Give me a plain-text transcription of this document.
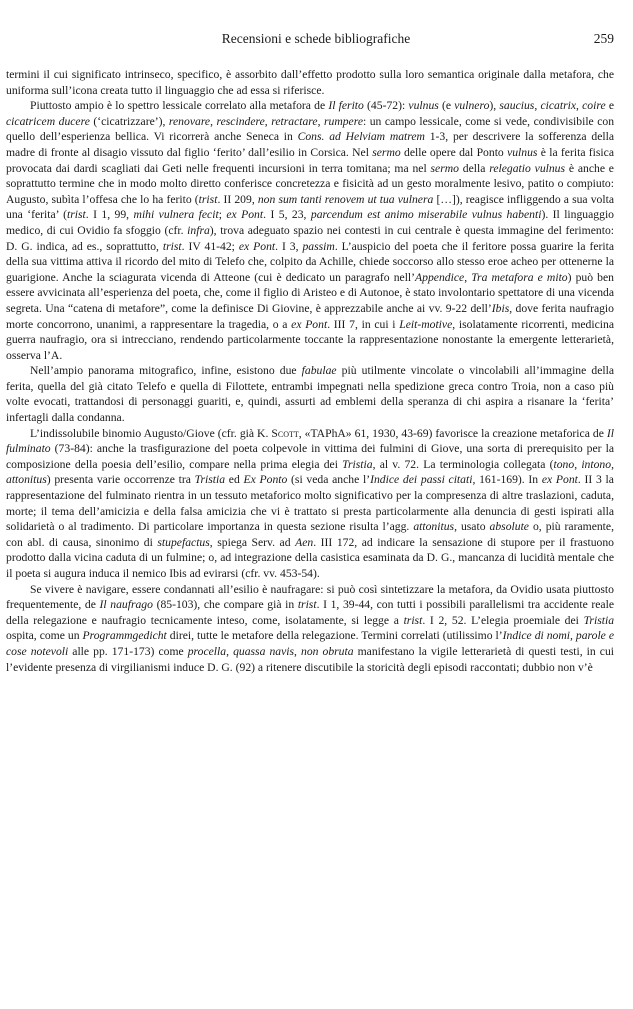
Recensioni e schede bibliografiche	259

termini il cui significato intrinseco, specifico, è assorbito dall’effetto prodotto sulla loro semantica originale dalla metafora, che uniforma sull’icona creata tutto il linguaggio che ad essa si riferisce.

Piuttosto ampio è lo spettro lessicale correlato alla metafora de Il ferito (45-72): vulnus (e vulnero), saucius, cicatrix, coire e cicatricem ducere (‘cicatrizzare’), renovare, rescindere, retractare, rumpere: un campo lessicale, come si vede, condivisibile con quello dell’esperienza bellica. Vi ricorrerà anche Seneca in Cons. ad Helviam matrem 1-3, per descrivere la sofferenza della madre di fronte al disagio vissuto dal figlio ‘ferito’ dall’esilio in Corsica. Nel sermo delle opere dal Ponto vulnus è la ferita fisica provocata dai dardi scagliati dai Geti nelle frequenti incursioni in terra tomitana; ma nel sermo della relegatio vulnus è anche e soprattutto termine che in modo molto diretto conferisce concretezza e fisicità ad un gesto moralmente lesivo, patito o compiuto: Augusto, subìta l’offesa che lo ha ferito (trist. II 209, non sum tanti renovem ut tua vulnera […]), reagisce infliggendo a sua volta una ‘ferita’ (trist. I 1, 99, mihi vulnera fecit; ex Pont. I 5, 23, parcendum est animo miserabile vulnus habenti). Il linguaggio medico, di cui Ovidio fa sfoggio (cfr. infra), trova adeguato spazio nei contesti in cui centrale è questa immagine del ferimento: D. G. indica, ad es., soprattutto, trist. IV 41-42; ex Pont. I 3, passim. L’auspicio del poeta che il feritore possa guarire la ferita della sua vittima attiva il ricordo del mito di Telefo che, colpito da Achille, chiede soccorso allo stesso eroe acheo per ottenerne la guarigione. Anche la sciagurata vicenda di Atteone (cui è dedicato un paragrafo nell’Appendice, Tra metafora e mito) può ben essere avvicinata all’esperienza del poeta, che, come il figlio di Aristeo e di Autonoe, è stato involontario spettatore di una vicenda segreta. Una “catena di metafore”, come la definisce Di Giovine, è apprezzabile anche ai vv. 9-22 dell’Ibis, dove ferita naufragio morte concorrono, unanimi, a rappresentare la tragedia, o a ex Pont. III 7, in cui i Leit-motive, isolatamente ricorrenti, medicina guerra naufragio, ora si intrecciano, rendendo particolarmente toccante la rappresentazione nonostante la emergente letterarietà, osserva l’A.

Nell’ampio panorama mitografico, infine, esistono due fabulae più utilmente vincolate o vincolabili all’immagine della ferita, quella del già citato Telefo e quella di Filottete, entrambi impegnati nella spedizione greca contro Troia, non a caso più volte evocati, trattandosi di personaggi guariti, e, quindi, assurti ad emblemi della speranza di chi aspira a risanare la ‘ferita’ infertagli dalla condanna.

L’indissolubile binomio Augusto/Giove (cfr. già K. Scott, «TAPhA» 61, 1930, 43-69) favorisce la creazione metaforica de Il fulminato (73-84): anche la trasfigurazione del poeta colpevole in vittima dei fulmini di Giove, una sorta di prerequisito per la composizione della poesia dell’esilio, compare nella prima elegia dei Tristia, al v. 72. La terminologia collegata (tono, intono, attonitus) presenta varie occorrenze tra Tristia ed Ex Ponto (si veda anche l’Indice dei passi citati, 161-169). In ex Pont. II 3 la rappresentazione del fulminato rientra in un tessuto metaforico molto significativo per la compresenza di altre traslazioni, caduta, morte; il tema dell’amicizia e della falsa amicizia che vi è trattato si presta particolarmente alla denuncia di gesti ispirati alla solidarietà o al tradimento. Di particolare importanza in questa sezione risulta l’agg. attonitus, usato absolute o, più raramente, con abl. di causa, sinonimo di stupefactus, spiega Serv. ad Aen. III 172, ad indicare la sensazione di stupore per il frastuono prodotto dalla vicina caduta di un fulmine; o, ad integrazione della casistica esaminata da D. G., mancanza di lucidità mentale che il poeta si augura induca il nemico Ibis ad evirarsi (cfr. vv. 453-54).

Se vivere è navigare, essere condannati all’esilio è naufragare: si può così sintetizzare la metafora, da Ovidio usata piuttosto frequentemente, de Il naufrago (85-103), che compare già in trist. I 1, 39-44, con tutti i possibili parallelismi tra accidente reale della relegazione e naufragio tecnicamente inteso, come, isolatamente, si legge a trist. I 2, 52. L’elegia proemiale dei Tristia ospita, come un Programmgedicht direi, tutte le metafore della relegazione. Termini correlati (utilissimo l’Indice di nomi, parole e cose notevoli alle pp. 171-173) come procella, quassa navis, non obruta manifestano la vigile letterarietà di questi testi, in cui l’evidente presenza di virgilianismi induce D. G. (92) a ritenere discutibile la storicità degli episodi raccontati; dubbio non v’è
